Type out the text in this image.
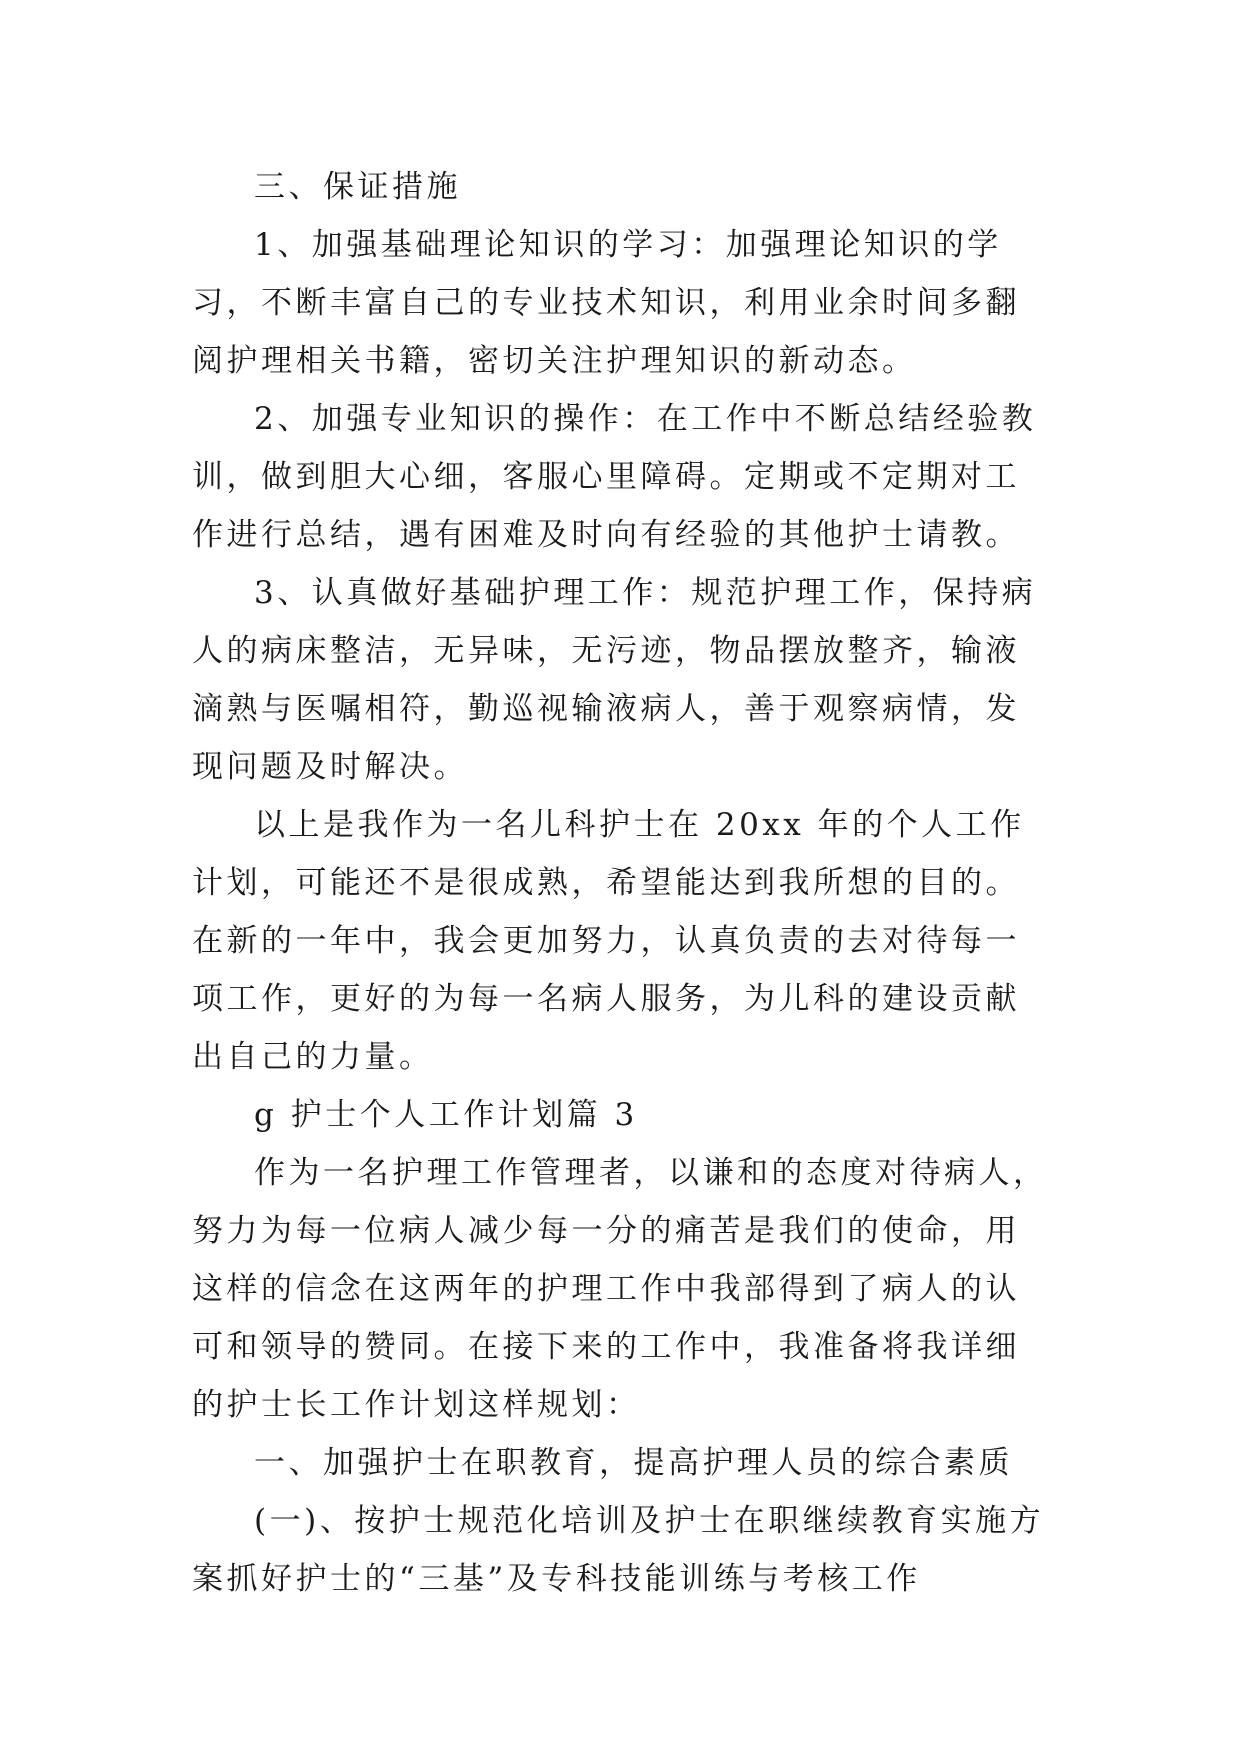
三、保证措施

1、加强基础理论知识的学习：加强理论知识的学习，不断丰富自己的专业技术知识，利用业余时间多翻阅护理相关书籍，密切关注护理知识的新动态。

2、加强专业知识的操作：在工作中不断总结经验教训，做到胆大心细，客服心里障碍。定期或不定期对工作进行总结，遇有困难及时向有经验的其他护士请教。

3、认真做好基础护理工作：规范护理工作，保持病人的病床整洁，无异味，无污迹，物品摆放整齐，输液滴熟与医嘱相符，勤巡视输液病人，善于观察病情，发现问题及时解决。

以上是我作为一名儿科护士在 20xx 年的个人工作计划，可能还不是很成熟，希望能达到我所想的目的。在新的一年中，我会更加努力，认真负责的去对待每一项工作，更好的为每一名病人服务，为儿科的建设贡献出自己的力量。

g 护士个人工作计划篇 3

作为一名护理工作管理者，以谦和的态度对待病人，努力为每一位病人减少每一分的痛苦是我们的使命，用这样的信念在这两年的护理工作中我部得到了病人的认可和领导的赞同。在接下来的工作中，我准备将我详细的护士长工作计划这样规划：

一、加强护士在职教育，提高护理人员的综合素质

(一)、按护士规范化培训及护士在职继续教育实施方案抓好护士的“三基”及专科技能训练与考核工作
